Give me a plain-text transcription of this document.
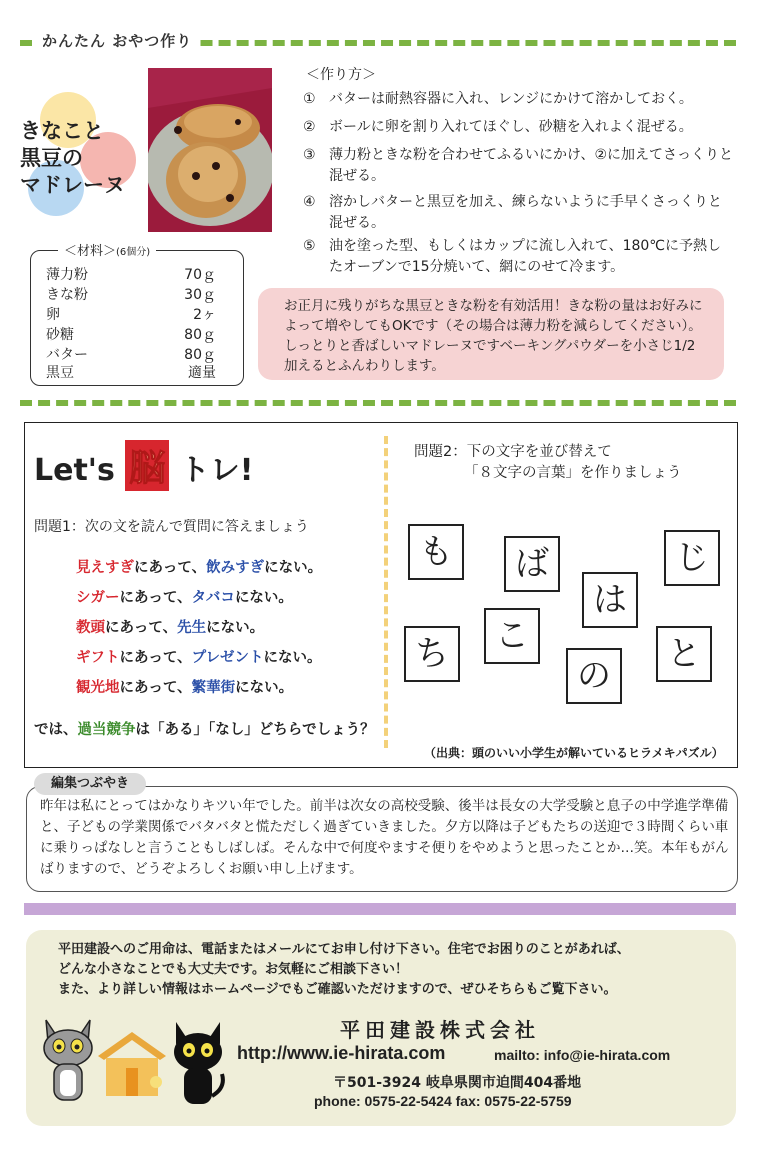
かんたん おやつ作り
きなこと
黒豆の
マドレーヌ
＜材料＞(6個分)
薄力粉	70ｇ
きな粉	30ｇ
卵	2ヶ
砂糖	80ｇ
バター	80ｇ
黒豆	適量
＜作り方＞
① バターは耐熱容器に入れ、レンジにかけて溶かしておく。
② ボールに卵を割り入れてほぐし、砂糖を入れよく混ぜる。
③ 薄力粉ときな粉を合わせてふるいにかけ、②に加えてさっくりと混ぜる。
④ 溶かしバターと黒豆を加え、練らないように手早くさっくりと混ぜる。
⑤ 油を塗った型、もしくはカップに流し入れて、180℃に予熱したオーブンで15分焼いて、網にのせて冷ます。
お正月に残りがちな黒豆ときな粉を有効活用！きな粉の量はお好みによって増やしてもOKです（その場合は薄力粉を減らしてください）。しっとりと香ばしいマドレーヌですベーキングパウダーを小さじ1/2加えるとふんわりします。
Let's 脳 トレ!
問題1：次の文を読んで質問に答えましょう
見えすぎにあって、飲みすぎにない。
シガーにあって、タバコにない。
教頭にあって、先生にない。
ギフトにあって、プレゼントにない。
観光地にあって、繁華街にない。
では、過当競争は「ある」「なし」どちらでしょう？
問題2：下の文字を並び替えて
「８文字の言葉」を作りましょう
も	ば	じ
は
こ
ち	と
の
（出典：頭のいい小学生が解いているヒラメキパズル）
編集つぶやき
昨年は私にとってはかなりキツい年でした。前半は次女の高校受験、後半は長女の大学受験と息子の中学進学準備と、子どもの学業関係でバタバタと慌ただしく過ぎていきました。夕方以降は子どもたちの送迎で３時間くらい車に乗りっぱなしと言うこともしばしば。そんな中で何度やますそ便りをやめようと思ったことか…笑。本年もがんばりますので、どうぞよろしくお願い申し上げます。
平田建設へのご用命は、電話またはメールにてお申し付け下さい。住宅でお困りのことがあれば、
どんな小さなことでも大丈夫です。お気軽にご相談下さい！
また、より詳しい情報はホームページでもご確認いただけますので、ぜひそちらもご覧下さい。
平田建設株式会社
http://www.ie-hirata.com	mailto: info@ie-hirata.com
〒501-3924 岐阜県関市迫間404番地
phone: 0575-22-5424 fax: 0575-22-5759
